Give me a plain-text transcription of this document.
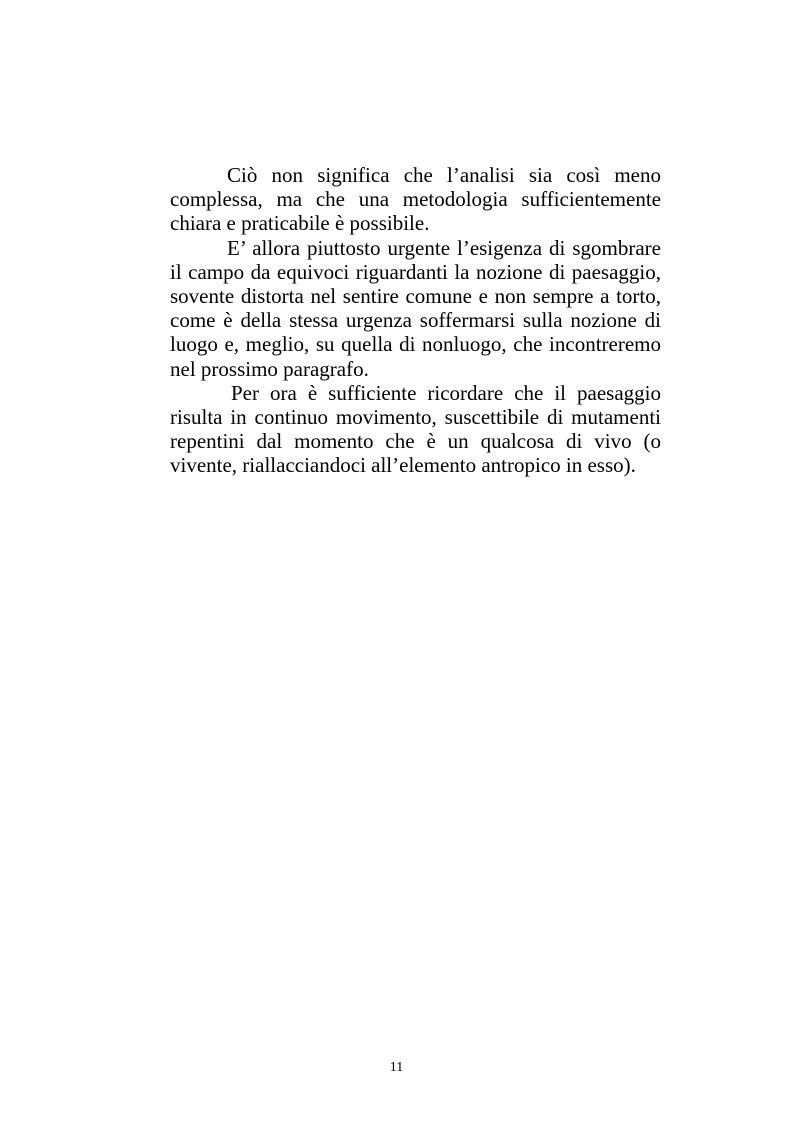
Ciò non significa che l’analisi sia così meno complessa, ma che una metodologia sufficientemente chiara e praticabile è possibile.

E’ allora piuttosto urgente l’esigenza di sgombrare il campo da equivoci riguardanti la nozione di paesaggio, sovente distorta nel sentire comune e non sempre a torto, come è della stessa urgenza soffermarsi sulla nozione di luogo e, meglio, su quella di nonluogo, che incontreremo nel prossimo paragrafo.

Per ora è sufficiente ricordare che il paesaggio risulta in continuo movimento, suscettibile di mutamenti repentini dal momento che è un qualcosa di vivo (o vivente, riallacciandoci all’elemento antropico in esso).

11
